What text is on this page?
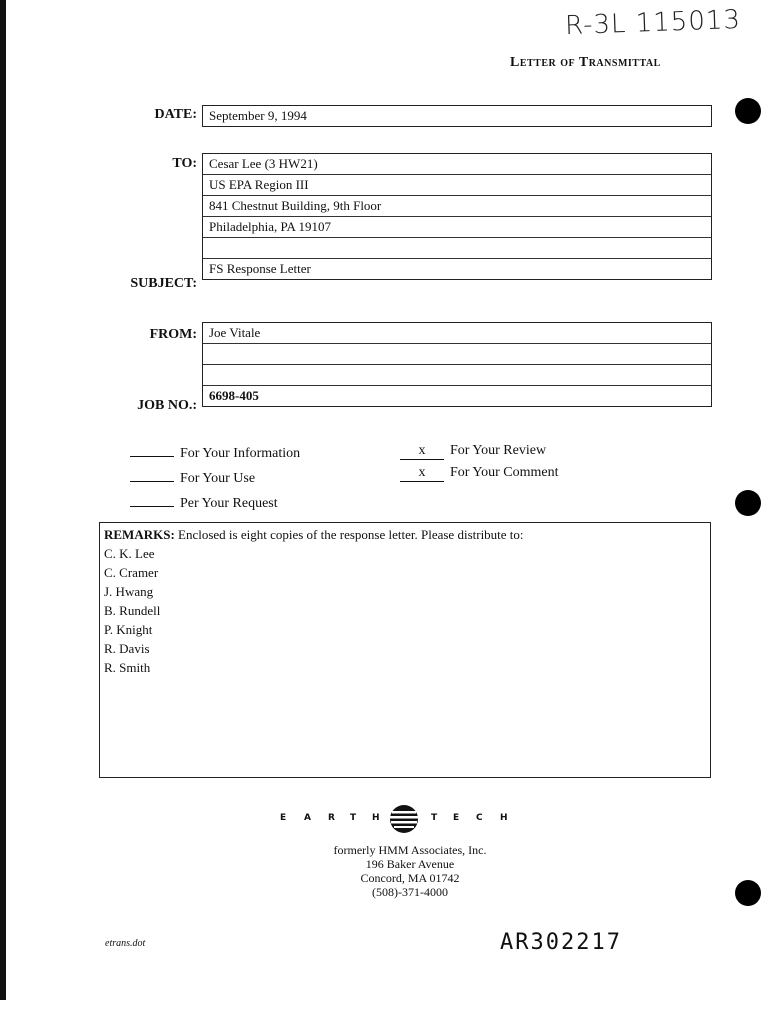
R-3L 115013
Letter of Transmittal
DATE: September 9, 1994
TO: Cesar Lee (3 HW21)
US EPA Region III
841 Chestnut Building, 9th Floor
Philadelphia, PA 19107
FS Response Letter
SUBJECT:
FROM: Joe Vitale
6698-405
JOB NO.:
For Your Information
For Your Use
Per Your Request
x For Your Review
x For Your Comment
REMARKS: Enclosed is eight copies of the response letter. Please distribute to:
C. K. Lee
C. Cramer
J. Hwang
B. Rundell
P. Knight
R. Davis
R. Smith
E A R T H	T E C H
formerly HMM Associates, Inc.
196 Baker Avenue
Concord, MA 01742
(508)-371-4000
etrans.dot	AR302217
